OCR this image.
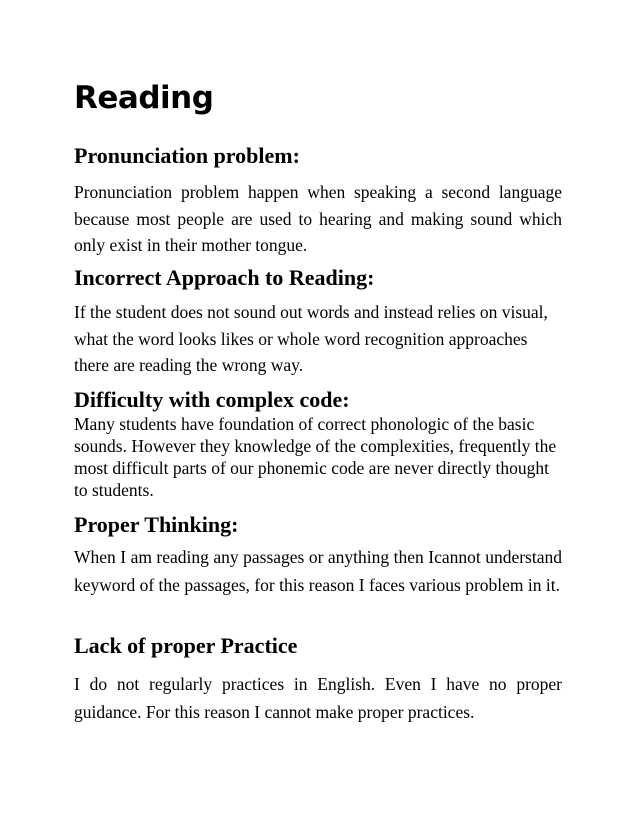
Reading
Pronunciation problem:

Pronunciation problem happen when speaking a second language because most people are used to hearing and making sound which only exist in their mother tongue.

Incorrect Approach to Reading:

If the student does not sound out words and instead relies on visual, what the word looks likes or whole word recognition approaches there are reading the wrong way.

Difficulty with complex code:

Many students have foundation of correct phonologic of the basic sounds. However they knowledge of the complexities, frequently the most difficult parts of our phonemic code are never directly thought to students.

Proper Thinking:

When I am reading any passages or anything then Icannot understand keyword of the passages, for this reason I faces various problem in it.

Lack of proper Practice

I do not regularly practices in English. Even I have no proper guidance. For this reason I cannot make proper practices.
